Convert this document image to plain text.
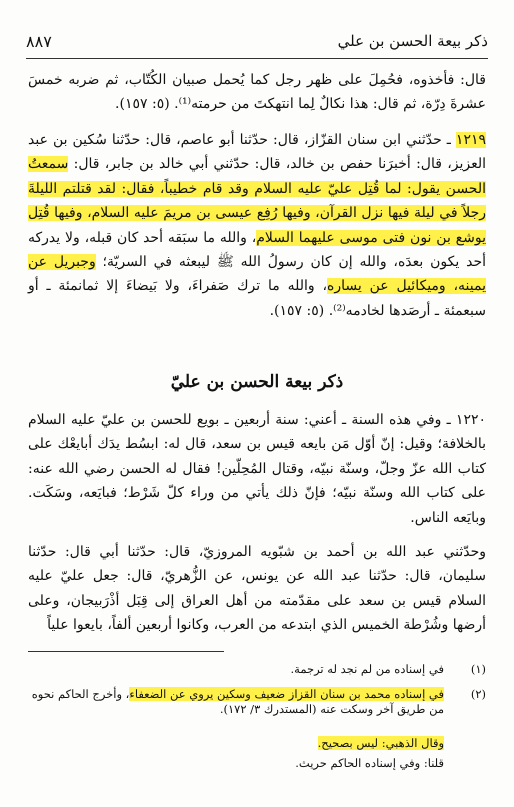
ذكر بيعة الحسن بن علي
٨٨٧
قال: فأخذوه، فحُمِلَ على ظهر رجل كما يُحمل صبيان الكُتّاب، ثم ضربه خمسَ عشرةَ دِرّة، ثم قال: هذا نكالٌ لِما انتهكتَ من حرمته⁽¹⁾. (٥: ١٥٧).
١٢١٩ ـ حدّثني ابن سنان القزّاز، قال: حدّثنا أبو عاصم، قال: حدّثنا سُكين بن عبد العزيز، قال: أخبرَنا حفص بن خالد، قال: حدّثني أبي خالد بن جابر، قال: سمعتُ الحسن يقول: لما قُتِل عليّ عليه السلام وقد قام خطيباً، فقال: لقد قتلتم الليلةَ رجلاً في ليلة فيها نزل القرآن، وفيها رُفِع عيسى بن مريمَ عليه السلام، وفيها قُتِل يوشع بن نون فتى موسى عليهما السلام، والله ما سبَقه أحد كان قبله، ولا يدركه أحد يكون بعدَه، والله إن كان رسولُ الله ﷺ ليبعثه في السريّة؛ وجبريل عن يمينه، وميكائيل عن يساره، والله ما ترك صَفراءَ، ولا بَيضاءَ إلا ثمانمئة ـ أو سبعمئة ـ أرصَدها لخادمه⁽²⁾. (٥: ١٥٧).
ذكر بيعة الحسن بن عليّ
١٢٢٠ ـ وفي هذه السنة ـ أعني: سنة أربعين ـ بويع للحسن بن عليّ عليه السلام بالخلافة؛ وقيل: إنّ أوّل مَن بايعه قيس بن سعد، قال له: ابسُط يدَك أبايعْك على كتاب الله عزّ وجلّ، وسنّة نبيّه، وقتال المُحِلّين! فقال له الحسن رضي الله عنه: على كتاب الله وسنّة نبيّه؛ فإنّ ذلك يأتي من وراء كلّ شَرْط؛ فبايَعه، وسَكَت. وبايَعه الناس.
وحدّثني عبد الله بن أحمد بن شبّويه المروزيّ، قال: حدّثنا أبي قال: حدّثنا سليمان، قال: حدّثنا عبد الله عن يونس، عن الزُّهريّ، قال: جعل عليّ عليه السلام قيس بن سعد على مقدّمته من أهل العراق إلى قِبَل أذْرَبيجان، وعلى أرضها وشُرْطة الخميس الذي ابتدعه من العرب، وكانوا أربعين ألفاً، بايعوا علياً
(١)
في إسناده من لم نجد له ترجمة.
(٢)
في إسناده محمد بن سنان القزاز ضعيف وسكين يروي عن الضعفاء، وأخرج الحاكم نحوه من طريق آخر وسكت عنه (المستدرك ٣/ ١٧٢).
وقال الذهبي: ليس بصحيح.
قلنا: وفي إسناده الحاكم حريث.
